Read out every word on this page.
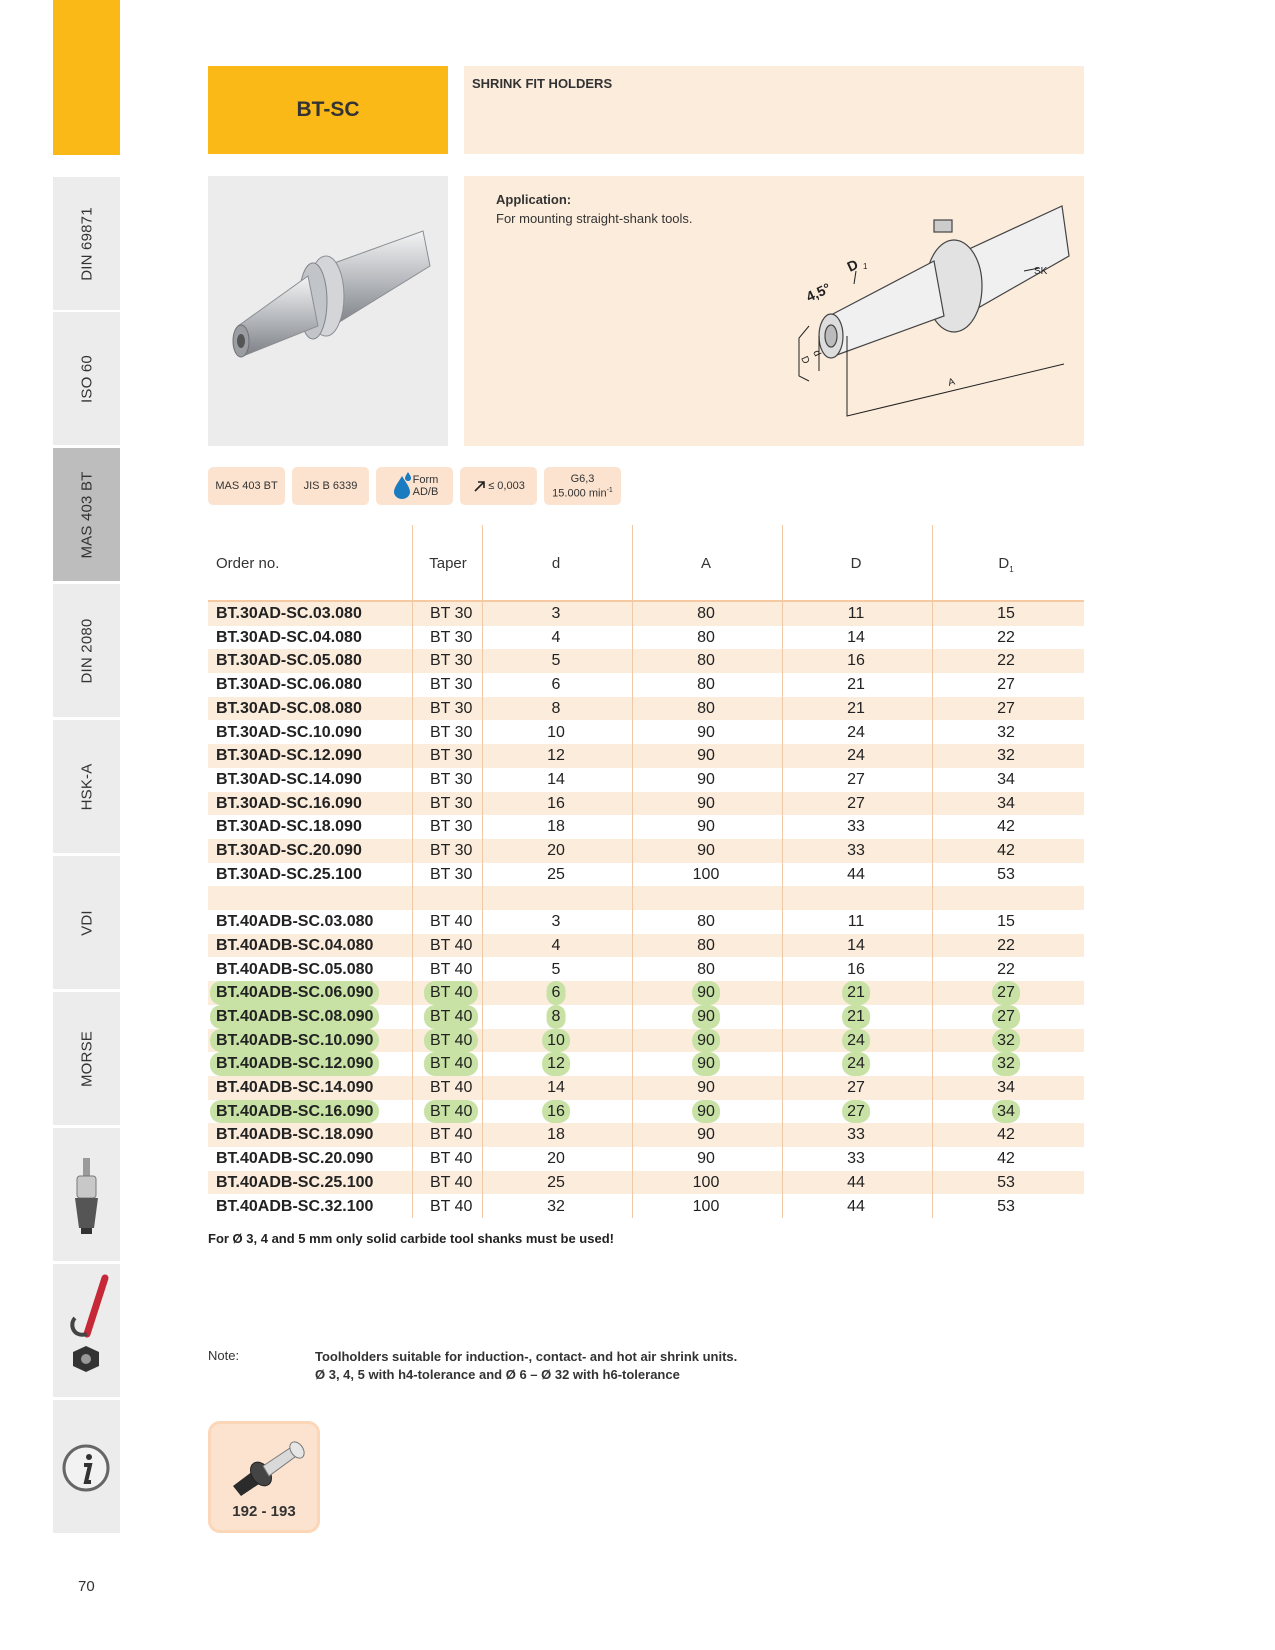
DIN 69871
ISO 60
MAS 403 BT
DIN 2080
HSK-A
VDI
MORSE
70
BT-SC
SHRINK FIT HOLDERS
Application:
For mounting straight-shank tools.
4,5°
D 1	SK
D
d
A
MAS 403 BT JIS B 6339	Form
AD/B	≤ 0,003
G6,3
15.000 $\min^{-1}$
Order no.	Taper	d	A	D	$D_1$
BT.30AD-SC.03.080	BT 30	3	80	11	15
BT.30AD-SC.04.080	BT 30	4	80	14	22
BT.30AD-SC.05.080	BT 30	5	80	16	22
BT.30AD-SC.06.080	BT 30	6	80	21	27
BT.30AD-SC.08.080	BT 30	8	80	21	27
BT.30AD-SC.10.090	BT 30	10	90	24	32
BT.30AD-SC.12.090	BT 30	12	90	24	32
BT.30AD-SC.14.090	BT 30	14	90	27	34
BT.30AD-SC.16.090	BT 30	16	90	27	34
BT.30AD-SC.18.090	BT 30	18	90	33	42
BT.30AD-SC.20.090	BT 30	20	90	33	42
BT.30AD-SC.25.100	BT 30	25	100	44	53
BT.40ADB-SC.03.080	BT 40	3	80	11	15
BT.40ADB-SC.04.080	BT 40	4	80	14	22
BT.40ADB-SC.05.080	BT 40	5	80	16	22
BT.40ADB-SC.06.090	BT 40	6	90	21	27
BT.40ADB-SC.08.090	BT 40	8	90	21	27
BT.40ADB-SC.10.090	BT 40	10	90	24	32
BT.40ADB-SC.12.090	BT 40	12	90	24	32
BT.40ADB-SC.14.090	BT 40	14	90	27	34
BT.40ADB-SC.16.090	BT 40	16	90	27	34
BT.40ADB-SC.18.090	BT 40	18	90	33	42
BT.40ADB-SC.20.090	BT 40	20	90	33	42
BT.40ADB-SC.25.100	BT 40	25	100	44	53
BT.40ADB-SC.32.100	BT 40	32	100	44	53
For Ø 3, 4 and 5 mm only solid carbide tool shanks must be used!
Note:	Toolholders suitable for induction-, contact- and hot air shrink units.
Ø 3, 4, 5 with h4-tolerance and Ø 6 – Ø 32 with h6-tolerance
192 - 193
